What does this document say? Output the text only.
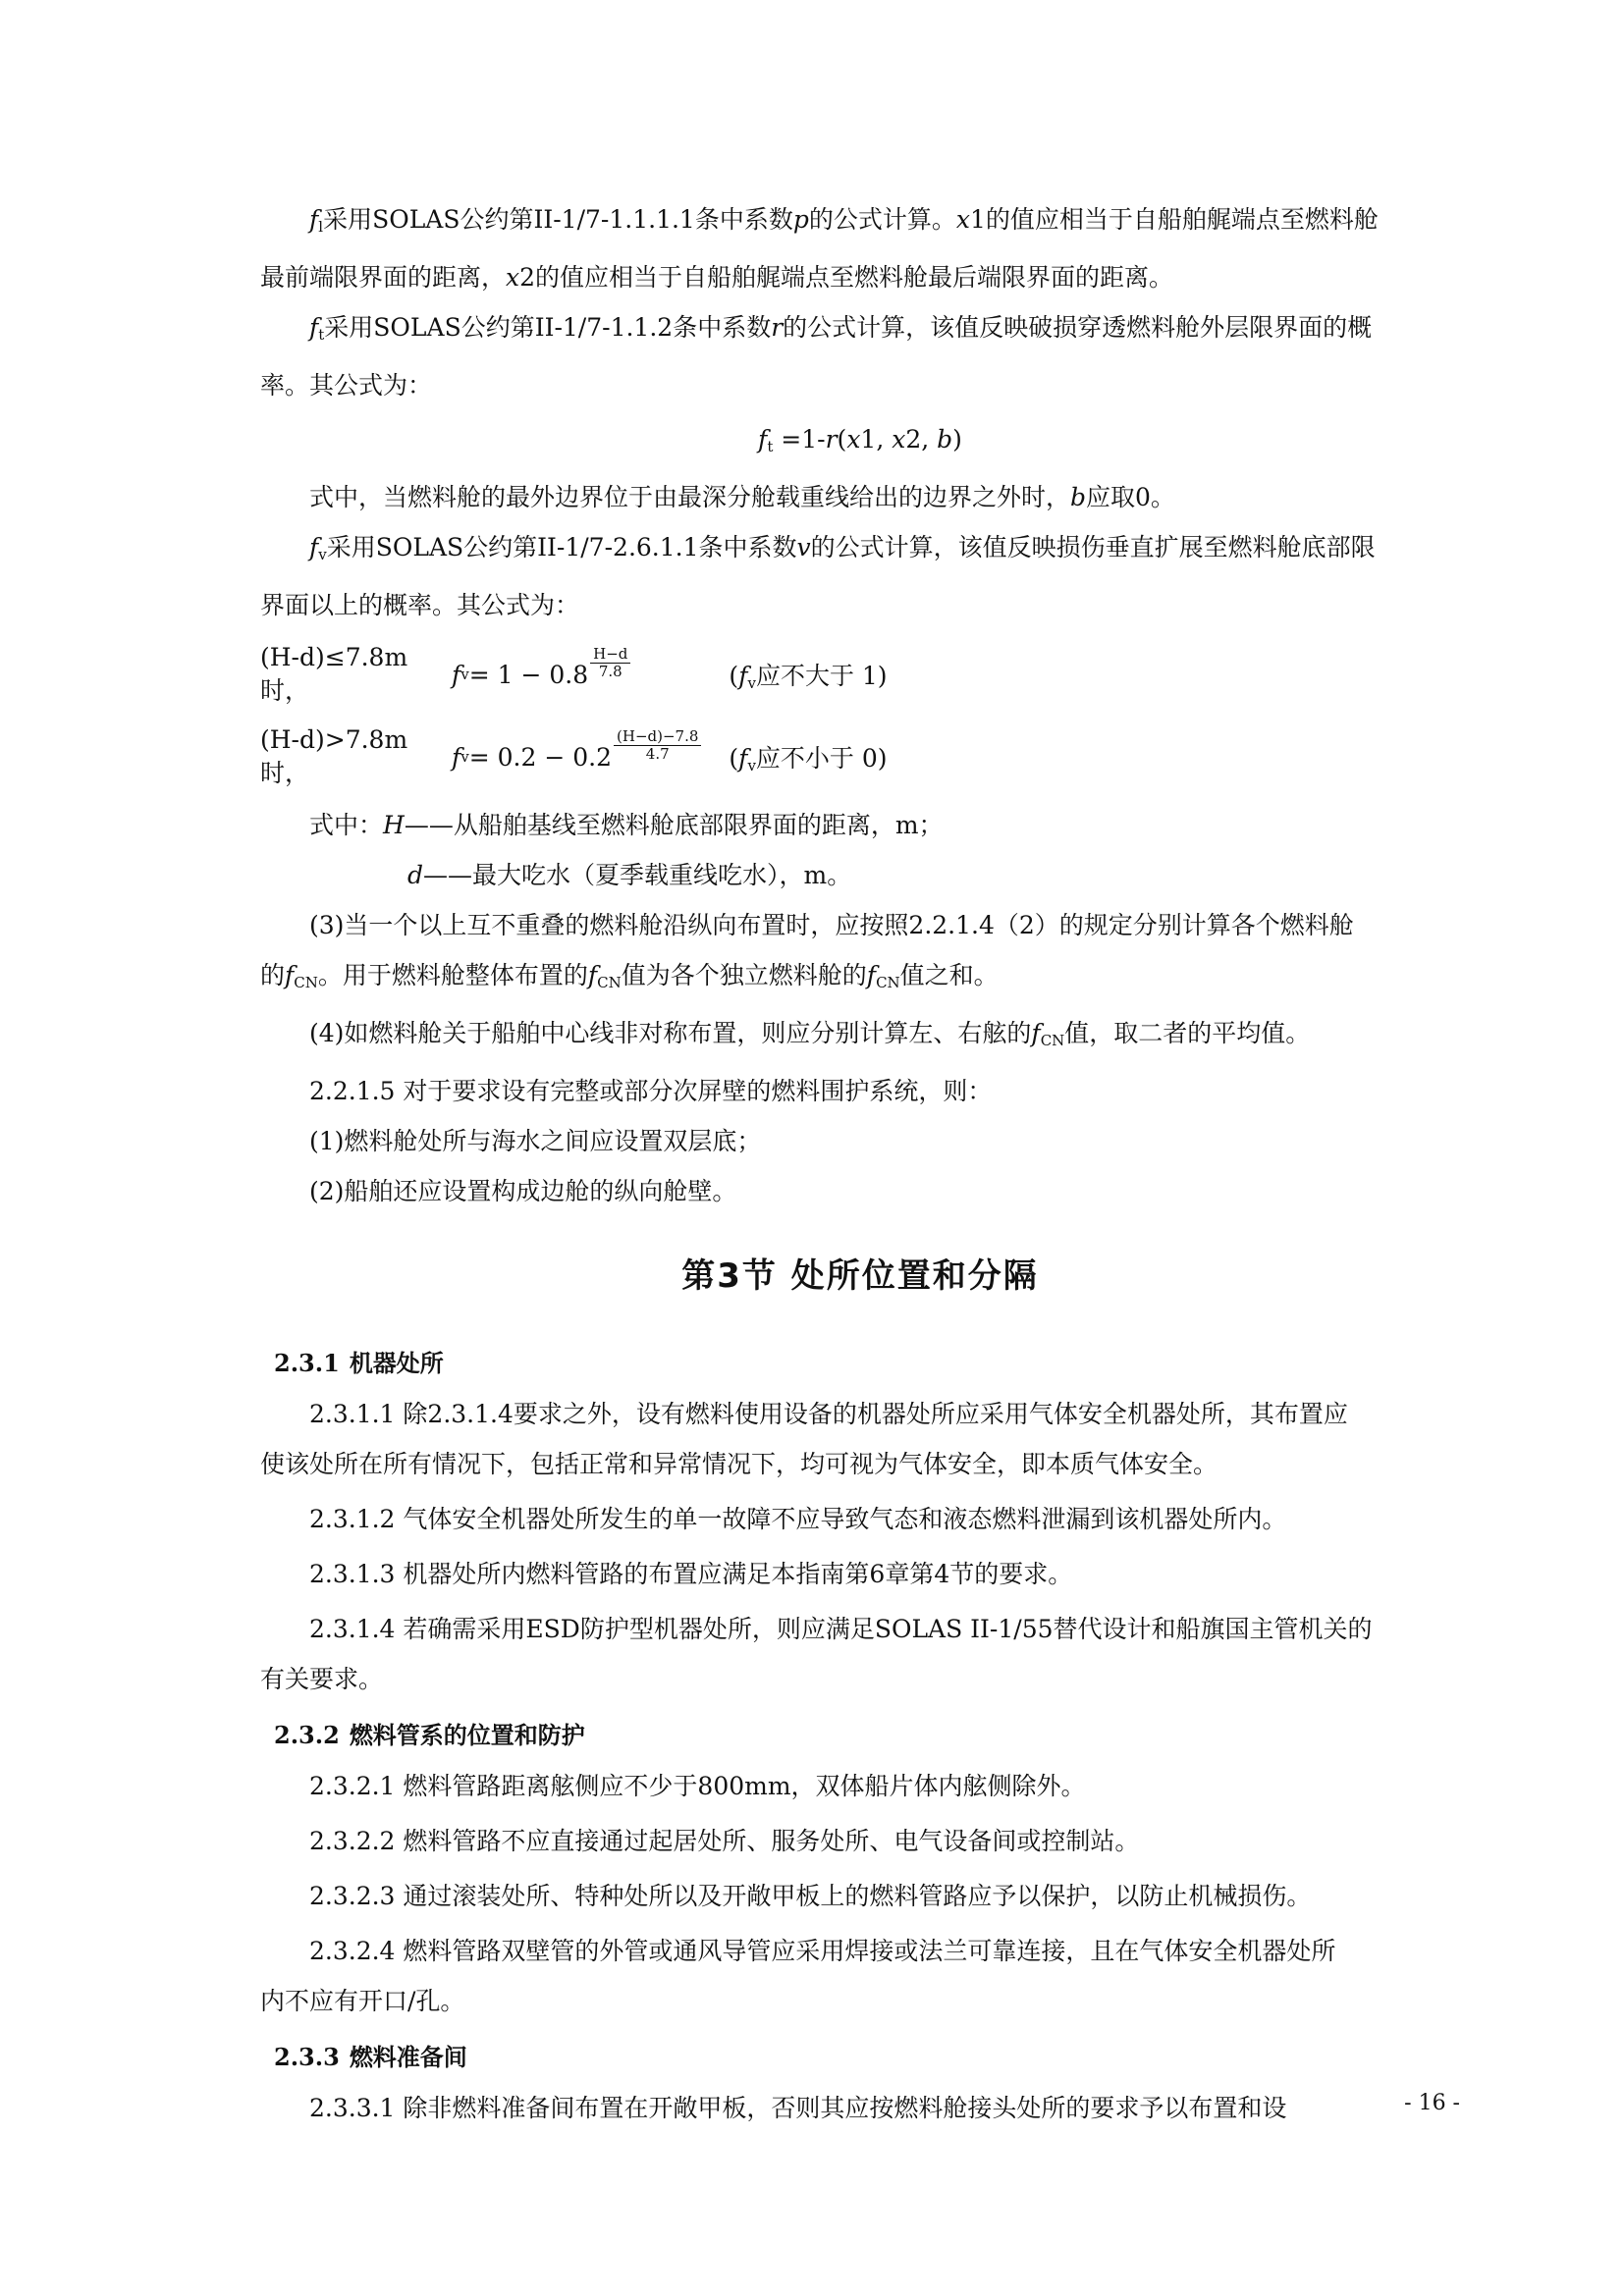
$f_l$采用SOLAS公约第II-1/7-1.1.1.1条中系数p的公式计算。x1的值应相当于自船舶艉端点至燃料舱

最前端限界面的距离，x2的值应相当于自船舶艉端点至燃料舱最后端限界面的距离。

$f_t$采用SOLAS公约第II-1/7-1.1.2条中系数r的公式计算，该值反映破损穿透燃料舱外层限界面的概

率。其公式为：

$f_t =1-r(x1$, x2, b)

式中，当燃料舱的最外边界位于由最深分舱载重线给出的边界之外时，b应取0。

$f_v$采用SOLAS公约第II-1/7-2.6.1.1条中系数v的公式计算，该值反映损伤垂直扩展至燃料舱底部限

界面以上的概率。其公式为：

(H-d)≤7.8m 时，
f $v = 1 - 0.8 \frac{H-d}{7.8}$	($f_v$应不大于 1)
(H-d)>7.8m 时，
f $v = 0.2 - 0.2 \frac{(H-d)-7.8}{4.7} (f_v$应不小于 0)

式中：H——从船舶基线至燃料舱底部限界面的距离，m；

d——最大吃水（夏季载重线吃水），m。

(3)当一个以上互不重叠的燃料舱沿纵向布置时，应按照2.2.1.4（2）的规定分别计算各个燃料舱

的$f_{CN}$。用于燃料舱整体布置的$f_{CN}$值为各个独立燃料舱的$f_{CN}$值之和。

(4)如燃料舱关于船舶中心线非对称布置，则应分别计算左、右舷的$f_{CN}$值，取二者的平均值。

2.2.1.5 对于要求设有完整或部分次屏壁的燃料围护系统，则：

(1)燃料舱处所与海水之间应设置双层底；

(2)船舶还应设置构成边舱的纵向舱壁。

第3节 处所位置和分隔
2.3.1 机器处所

2.3.1.1 除2.3.1.4要求之外，设有燃料使用设备的机器处所应采用气体安全机器处所，其布置应

使该处所在所有情况下，包括正常和异常情况下，均可视为气体安全，即本质气体安全。

2.3.1.2 气体安全机器处所发生的单一故障不应导致气态和液态燃料泄漏到该机器处所内。

2.3.1.3 机器处所内燃料管路的布置应满足本指南第6章第4节的要求。

2.3.1.4 若确需采用ESD防护型机器处所，则应满足SOLAS II-1/55替代设计和船旗国主管机关的

有关要求。

2.3.2 燃料管系的位置和防护

2.3.2.1 燃料管路距离舷侧应不少于800mm，双体船片体内舷侧除外。

2.3.2.2 燃料管路不应直接通过起居处所、服务处所、电气设备间或控制站。

2.3.2.3 通过滚装处所、特种处所以及开敞甲板上的燃料管路应予以保护，以防止机械损伤。

2.3.2.4 燃料管路双壁管的外管或通风导管应采用焊接或法兰可靠连接，且在气体安全机器处所

内不应有开口/孔。

2.3.3 燃料准备间

2.3.3.1 除非燃料准备间布置在开敞甲板，否则其应按燃料舱接头处所的要求予以布置和设	- 16 -
